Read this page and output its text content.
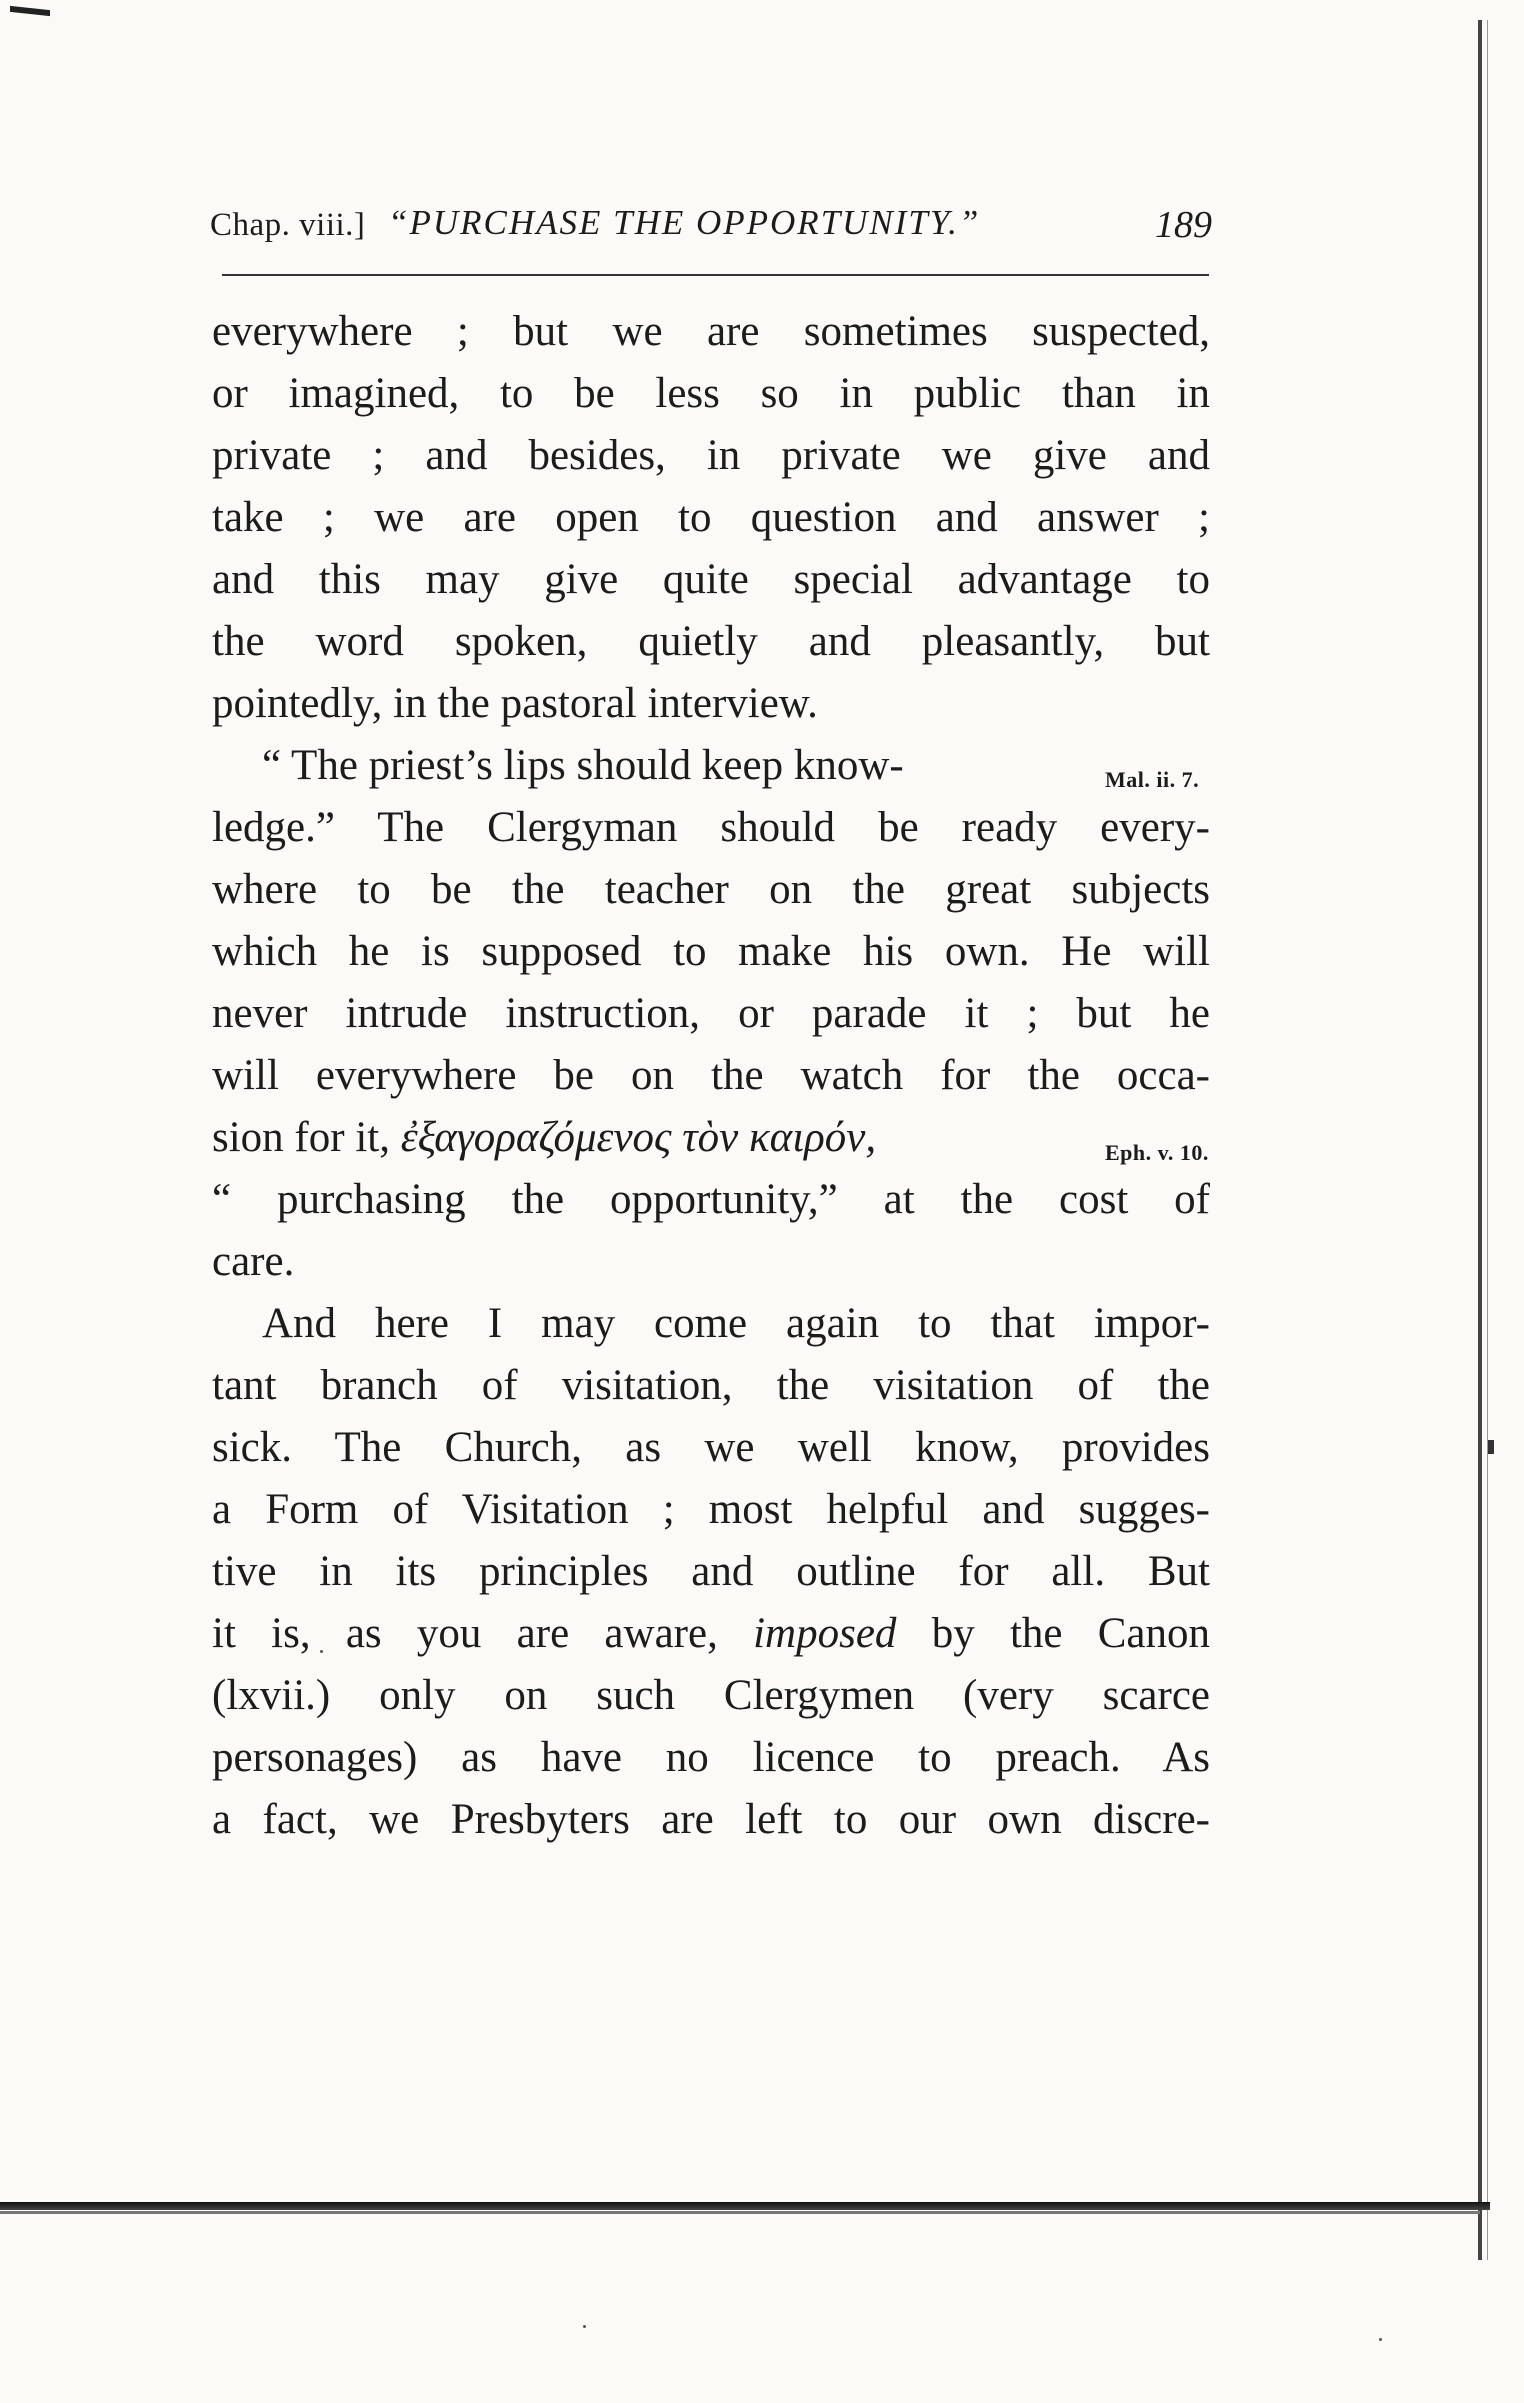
Chap. viii.] “PURCHASE THE OPPORTUNITY.”	189
everywhere ; but we are sometimes suspected,
or imagined, to be less so in public than in
private ; and besides, in private we give and
take ; we are open to question and answer ;
and this may give quite special advantage to
the word spoken, quietly and pleasantly, but
pointedly, in the pastoral interview.
“ The priest’s lips should keep know-
ledge.” The Clergyman should be ready every-
where to be the teacher on the great subjects
which he is supposed to make his own. He will
never intrude instruction, or parade it ; but he
will everywhere be on the watch for the occa-
sion for it, ἐξαγοραζόμενος τὸν καιρόν,
“ purchasing the opportunity,” at the cost of
care.
And here I may come again to that impor-
tant branch of visitation, the visitation of the
sick. The Church, as we well know, provides
a Form of Visitation ; most helpful and sugges-
tive in its principles and outline for all. But
it is, as you are aware, imposed by the Canon
(lxvii.) only on such Clergymen (very scarce
personages) as have no licence to preach. As
a fact, we Presbyters are left to our own discre-
Mal. ii. 7.
Eph. v. 10.
